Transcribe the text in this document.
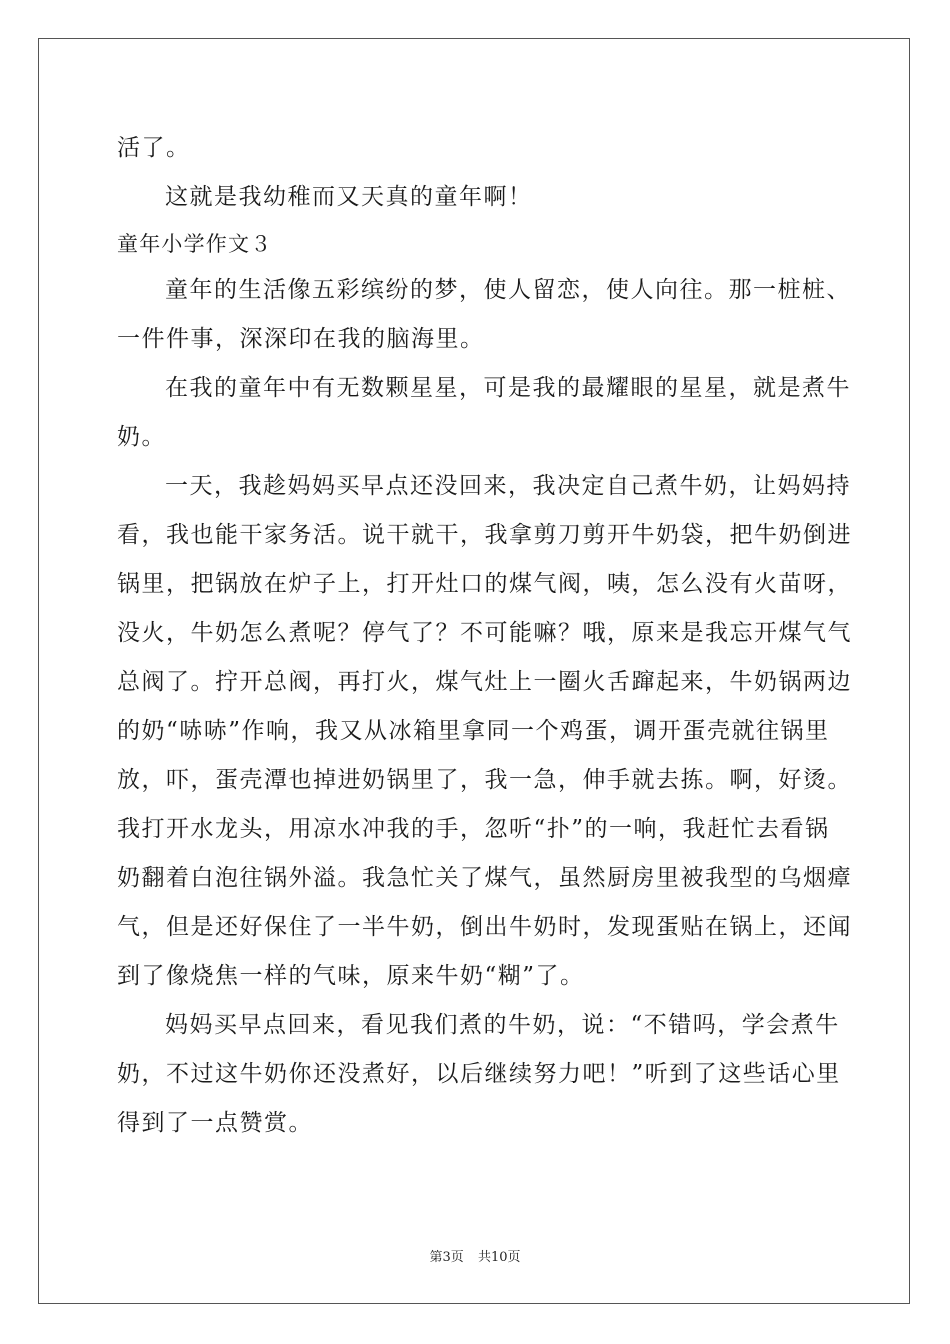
活了。
这就是我幼稚而又天真的童年啊！
童年小学作文３
童年的生活像五彩缤纷的梦，使人留恋，使人向往。那一桩桩、
一件件事，深深印在我的脑海里。
在我的童年中有无数颗星星，可是我的最耀眼的星星，就是煮牛
奶。
一天，我趁妈妈买早点还没回来，我决定自己煮牛奶，让妈妈持
看，我也能干家务活。说干就干，我拿剪刀剪开牛奶袋，把牛奶倒进
锅里，把锅放在炉子上，打开灶口的煤气阀，咦，怎么没有火苗呀，
没火，牛奶怎么煮呢？停气了？不可能嘛？哦，原来是我忘开煤气气
总阀了。拧开总阀，再打火，煤气灶上一圈火舌蹿起来，牛奶锅两边
的奶“哧哧”作响，我又从冰箱里拿同一个鸡蛋，调开蛋壳就往锅里
放，吓，蛋壳潭也掉进奶锅里了，我一急，伸手就去拣。啊，好烫。
我打开水龙头，用凉水冲我的手，忽听“扑”的一响，我赶忙去看锅
奶翻着白泡往锅外溢。我急忙关了煤气，虽然厨房里被我型的乌烟瘴
气，但是还好保住了一半牛奶，倒出牛奶时，发现蛋贴在锅上，还闻
到了像烧焦一样的气味，原来牛奶“糊”了。
妈妈买早点回来，看见我们煮的牛奶，说：“不错吗，学会煮牛
奶，不过这牛奶你还没煮好，以后继续努力吧！”听到了这些话心里
得到了一点赞赏。
第3页 共10页
